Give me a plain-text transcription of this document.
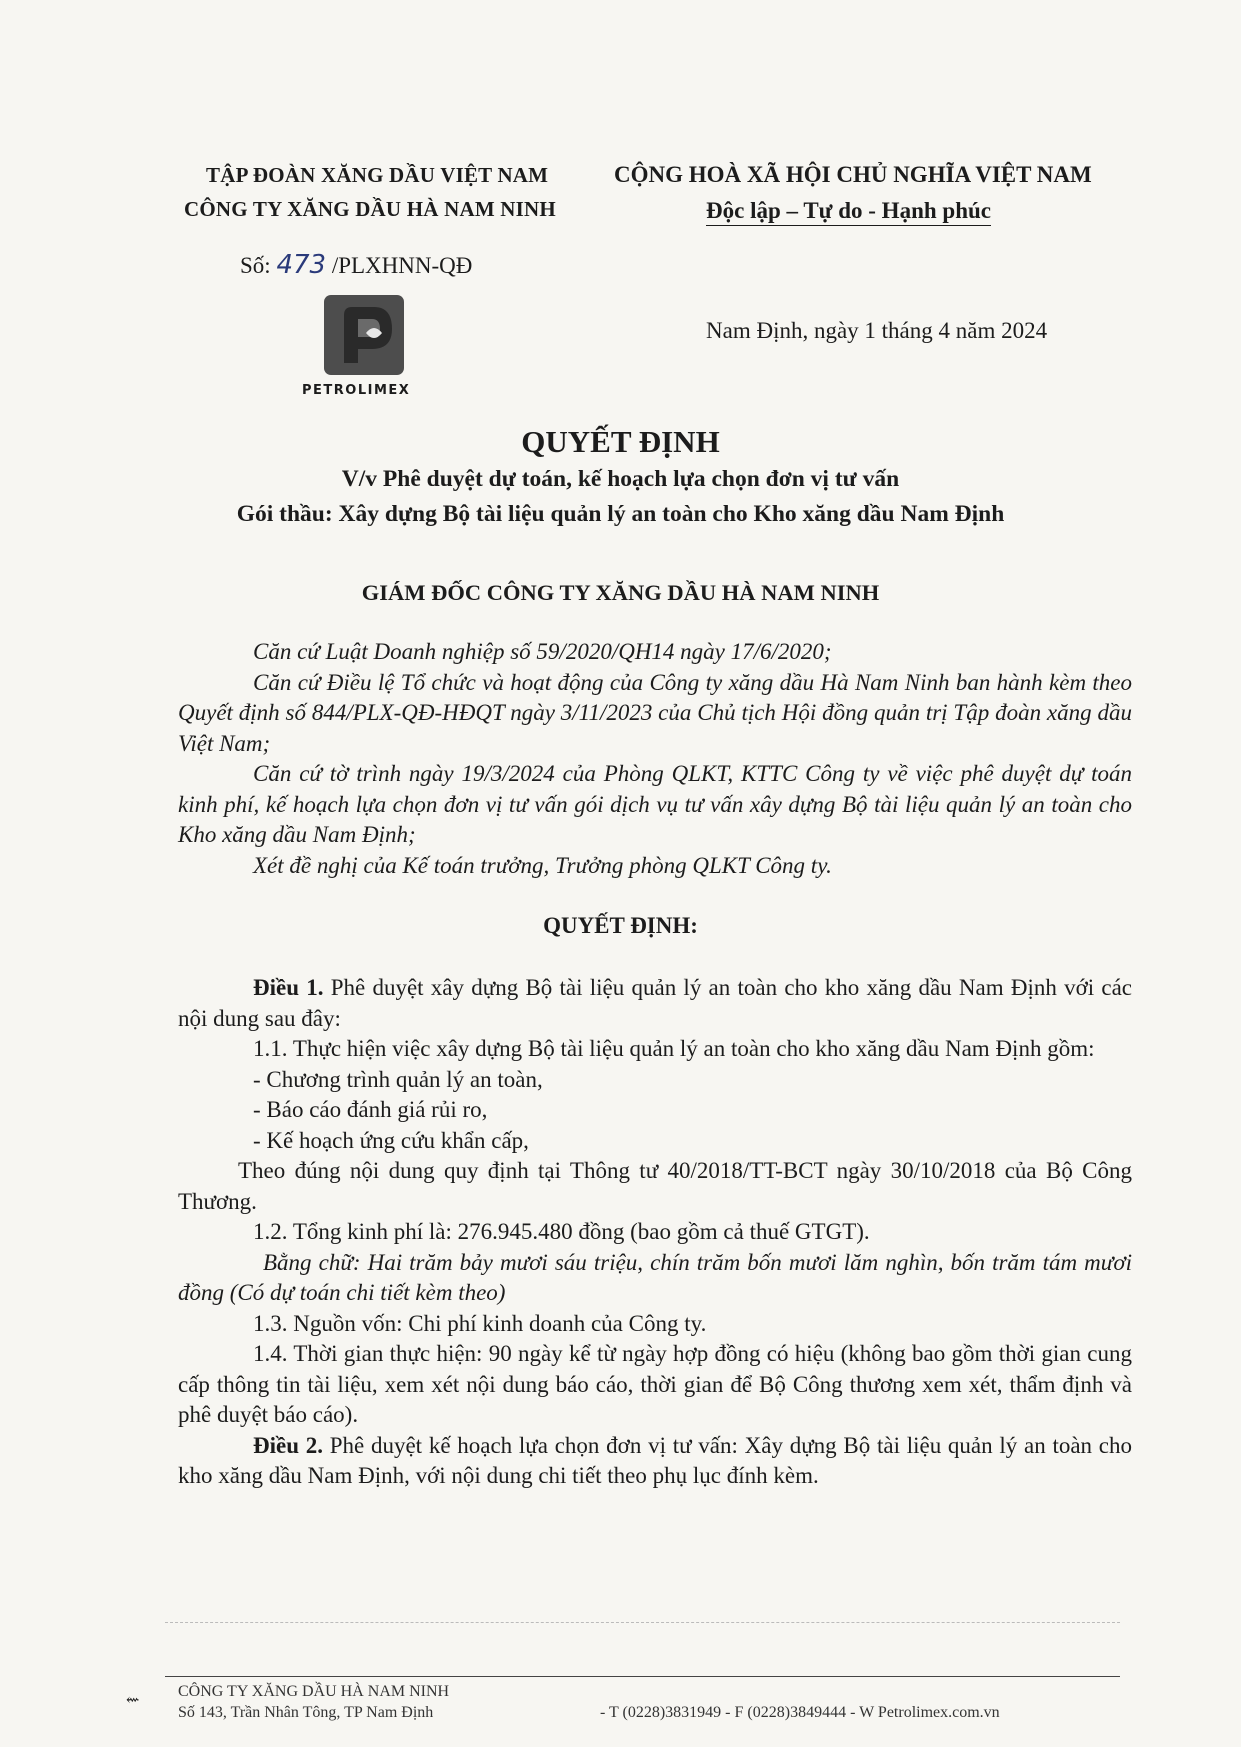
TẬP ĐOÀN XĂNG DẦU VIỆT NAM
CÔNG TY XĂNG DẦU HÀ NAM NINH
CỘNG HOÀ XÃ HỘI CHỦ NGHĨA VIỆT NAM
Độc lập – Tự do - Hạnh phúc
Số: 473 /PLXHNN-QĐ
PETROLIMEX
Nam Định, ngày 1 tháng 4 năm 2024
QUYẾT ĐỊNH
V/v Phê duyệt dự toán, kế hoạch lựa chọn đơn vị tư vấn
Gói thầu: Xây dựng Bộ tài liệu quản lý an toàn cho Kho xăng dầu Nam Định
GIÁM ĐỐC CÔNG TY XĂNG DẦU HÀ NAM NINH

Căn cứ Luật Doanh nghiệp số 59/2020/QH14 ngày 17/6/2020;

Căn cứ Điều lệ Tổ chức và hoạt động của Công ty xăng dầu Hà Nam Ninh ban hành kèm theo Quyết định số 844/PLX-QĐ-HĐQT ngày 3/11/2023 của Chủ tịch Hội đồng quản trị Tập đoàn xăng dầu Việt Nam;

Căn cứ tờ trình ngày 19/3/2024 của Phòng QLKT, KTTC Công ty về việc phê duyệt dự toán kinh phí, kế hoạch lựa chọn đơn vị tư vấn gói dịch vụ tư vấn xây dựng Bộ tài liệu quản lý an toàn cho Kho xăng dầu Nam Định;

Xét đề nghị của Kế toán trưởng, Trưởng phòng QLKT Công ty.

QUYẾT ĐỊNH:

Điều 1. Phê duyệt xây dựng Bộ tài liệu quản lý an toàn cho kho xăng dầu Nam Định với các nội dung sau đây:

1.1. Thực hiện việc xây dựng Bộ tài liệu quản lý an toàn cho kho xăng dầu Nam Định gồm:

- Chương trình quản lý an toàn,

- Báo cáo đánh giá rủi ro,

- Kế hoạch ứng cứu khẩn cấp,

Theo đúng nội dung quy định tại Thông tư 40/2018/TT-BCT ngày 30/10/2018 của Bộ Công Thương.

1.2. Tổng kinh phí là: 276.945.480 đồng (bao gồm cả thuế GTGT).

Bằng chữ: Hai trăm bảy mươi sáu triệu, chín trăm bốn mươi lăm nghìn, bốn trăm tám mươi đồng (Có dự toán chi tiết kèm theo)

1.3. Nguồn vốn: Chi phí kinh doanh của Công ty.

1.4. Thời gian thực hiện: 90 ngày kể từ ngày hợp đồng có hiệu (không bao gồm thời gian cung cấp thông tin tài liệu, xem xét nội dung báo cáo, thời gian để Bộ Công thương xem xét, thẩm định và phê duyệt báo cáo).

Điều 2. Phê duyệt kế hoạch lựa chọn đơn vị tư vấn: Xây dựng Bộ tài liệu quản lý an toàn cho kho xăng dầu Nam Định, với nội dung chi tiết theo phụ lục đính kèm.

CÔNG TY XĂNG DẦU HÀ NAM NINH
Số 143, Trần Nhân Tông, TP Nam Định	- T (0228)3831949 - F (0228)3849444 - W Petrolimex.com.vn
⇜
